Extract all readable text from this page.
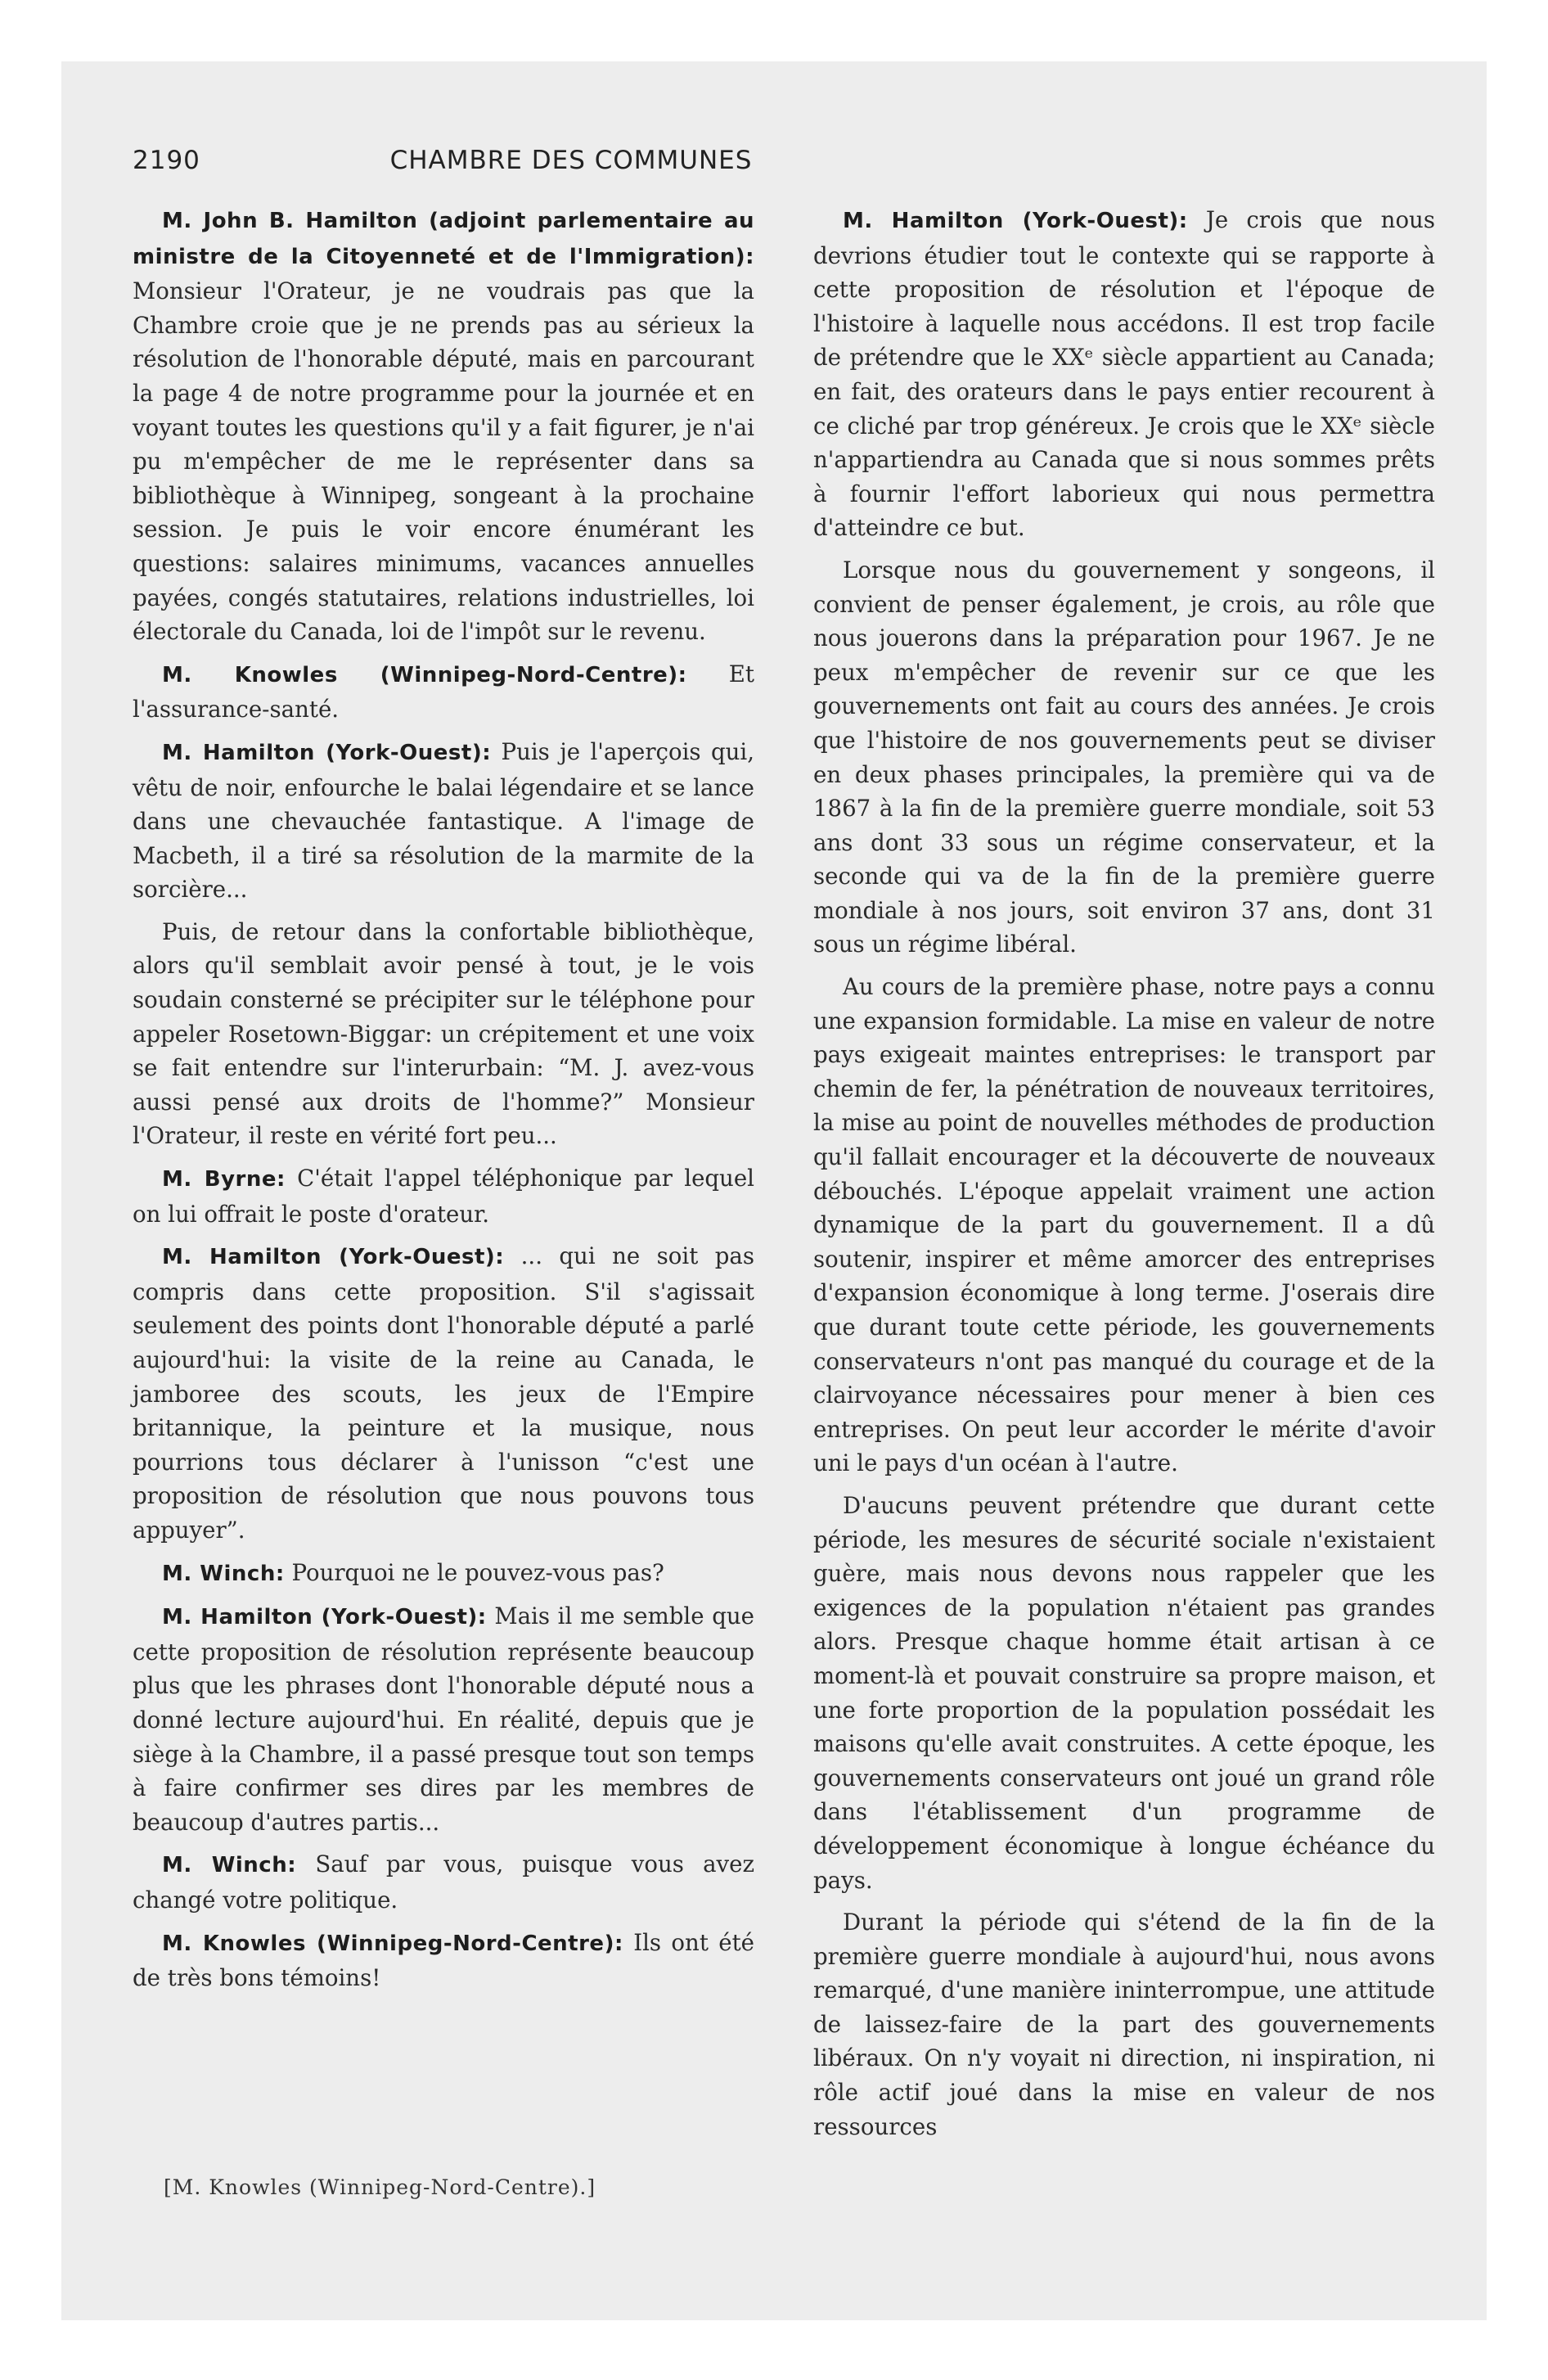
2190	CHAMBRE DES COMMUNES

M. John B. Hamilton (adjoint parlementaire au ministre de la Citoyenneté et de l'Immigration): Monsieur l'Orateur, je ne voudrais pas que la Chambre croie que je ne prends pas au sérieux la résolution de l'honorable député, mais en parcourant la page 4 de notre programme pour la journée et en voyant toutes les questions qu'il y a fait figurer, je n'ai pu m'empêcher de me le représenter dans sa bibliothèque à Winnipeg, songeant à la prochaine session. Je puis le voir encore énumérant les questions: salaires minimums, vacances annuelles payées, congés statutaires, relations industrielles, loi électorale du Canada, loi de l'impôt sur le revenu.

M. Knowles (Winnipeg-Nord-Centre): Et l'assurance-santé.

M. Hamilton (York-Ouest): Puis je l'aperçois qui, vêtu de noir, enfourche le balai légendaire et se lance dans une chevauchée fantastique. A l'image de Macbeth, il a tiré sa résolution de la marmite de la sorcière...

Puis, de retour dans la confortable bibliothèque, alors qu'il semblait avoir pensé à tout, je le vois soudain consterné se précipiter sur le téléphone pour appeler Rosetown-Biggar: un crépitement et une voix se fait entendre sur l'interurbain: “M. J. avez-vous aussi pensé aux droits de l'homme?” Monsieur l'Orateur, il reste en vérité fort peu...

M. Byrne: C'était l'appel téléphonique par lequel on lui offrait le poste d'orateur.

M. Hamilton (York-Ouest): ... qui ne soit pas compris dans cette proposition. S'il s'agissait seulement des points dont l'honorable député a parlé aujourd'hui: la visite de la reine au Canada, le jamboree des scouts, les jeux de l'Empire britannique, la peinture et la musique, nous pourrions tous déclarer à l'unisson “c'est une proposition de résolution que nous pouvons tous appuyer”.

M. Winch: Pourquoi ne le pouvez-vous pas?

M. Hamilton (York-Ouest): Mais il me semble que cette proposition de résolution représente beaucoup plus que les phrases dont l'honorable député nous a donné lecture aujourd'hui. En réalité, depuis que je siège à la Chambre, il a passé presque tout son temps à faire confirmer ses dires par les membres de beaucoup d'autres partis...

M. Winch: Sauf par vous, puisque vous avez changé votre politique.

M. Knowles (Winnipeg-Nord-Centre): Ils ont été de très bons témoins!

M. Hamilton (York-Ouest): Je crois que nous devrions étudier tout le contexte qui se rapporte à cette proposition de résolution et l'époque de l'histoire à laquelle nous accédons. Il est trop facile de prétendre que le XXᵉ siècle appartient au Canada; en fait, des orateurs dans le pays entier recourent à ce cliché par trop généreux. Je crois que le XXᵉ siècle n'appartiendra au Canada que si nous sommes prêts à fournir l'effort laborieux qui nous permettra d'atteindre ce but.

Lorsque nous du gouvernement y songeons, il convient de penser également, je crois, au rôle que nous jouerons dans la préparation pour 1967. Je ne peux m'empêcher de revenir sur ce que les gouvernements ont fait au cours des années. Je crois que l'histoire de nos gouvernements peut se diviser en deux phases principales, la première qui va de 1867 à la fin de la première guerre mondiale, soit 53 ans dont 33 sous un régime conservateur, et la seconde qui va de la fin de la première guerre mondiale à nos jours, soit environ 37 ans, dont 31 sous un régime libéral.

Au cours de la première phase, notre pays a connu une expansion formidable. La mise en valeur de notre pays exigeait maintes entreprises: le transport par chemin de fer, la pénétration de nouveaux territoires, la mise au point de nouvelles méthodes de production qu'il fallait encourager et la découverte de nouveaux débouchés. L'époque appelait vraiment une action dynamique de la part du gouvernement. Il a dû soutenir, inspirer et même amorcer des entreprises d'expansion économique à long terme. J'oserais dire que durant toute cette période, les gouvernements conservateurs n'ont pas manqué du courage et de la clairvoyance nécessaires pour mener à bien ces entreprises. On peut leur accorder le mérite d'avoir uni le pays d'un océan à l'autre.

D'aucuns peuvent prétendre que durant cette période, les mesures de sécurité sociale n'existaient guère, mais nous devons nous rappeler que les exigences de la population n'étaient pas grandes alors. Presque chaque homme était artisan à ce moment-là et pouvait construire sa propre maison, et une forte proportion de la population possédait les maisons qu'elle avait construites. A cette époque, les gouvernements conservateurs ont joué un grand rôle dans l'établissement d'un programme de développement économique à longue échéance du pays.

Durant la période qui s'étend de la fin de la première guerre mondiale à aujourd'hui, nous avons remarqué, d'une manière ininterrompue, une attitude de laissez-faire de la part des gouvernements libéraux. On n'y voyait ni direction, ni inspiration, ni rôle actif joué dans la mise en valeur de nos ressources

[M. Knowles (Winnipeg-Nord-Centre).]
